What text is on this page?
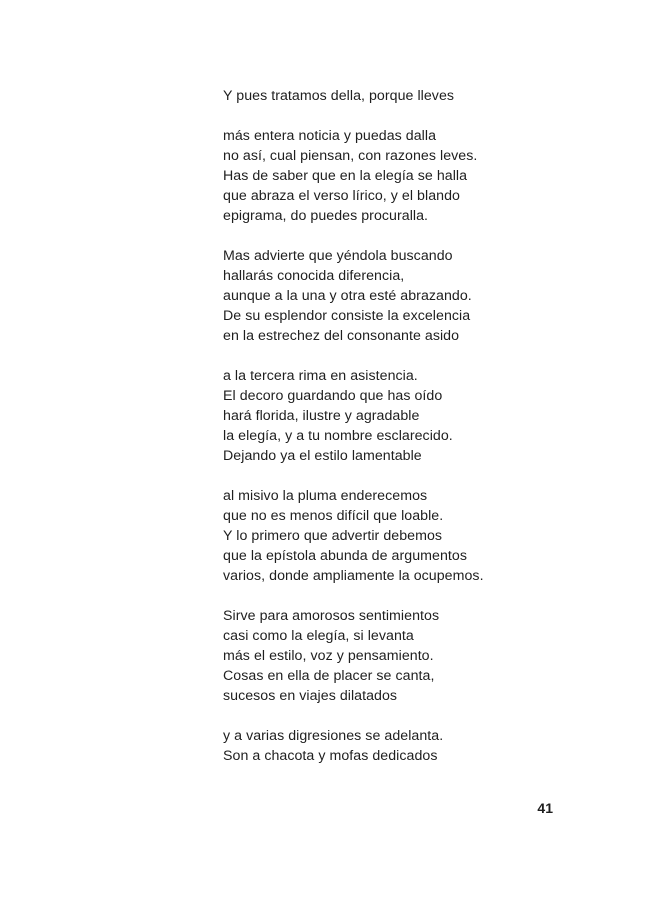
Y pues tratamos della, porque lleves
más entera noticia y puedas dalla
no así, cual piensan, con razones leves.
Has de saber que en la elegía se halla
que abraza el verso lírico, y el blando
epigrama, do puedes procuralla.
Mas advierte que yéndola buscando
hallarás conocida diferencia,
aunque a la una y otra esté abrazando.
De su esplendor consiste la excelencia
en la estrechez del consonante asido
a la tercera rima en asistencia.
El decoro guardando que has oído
hará florida, ilustre y agradable
la elegía, y a tu nombre esclarecido.
Dejando ya el estilo lamentable
al misivo la pluma enderecemos
que no es menos difícil que loable.
Y lo primero que advertir debemos
que la epístola abunda de argumentos
varios, donde ampliamente la ocupemos.
Sirve para amorosos sentimientos
casi como la elegía, si levanta
más el estilo, voz y pensamiento.
Cosas en ella de placer se canta,
sucesos en viajes dilatados
y a varias digresiones se adelanta.
Son a chacota y mofas dedicados
41
